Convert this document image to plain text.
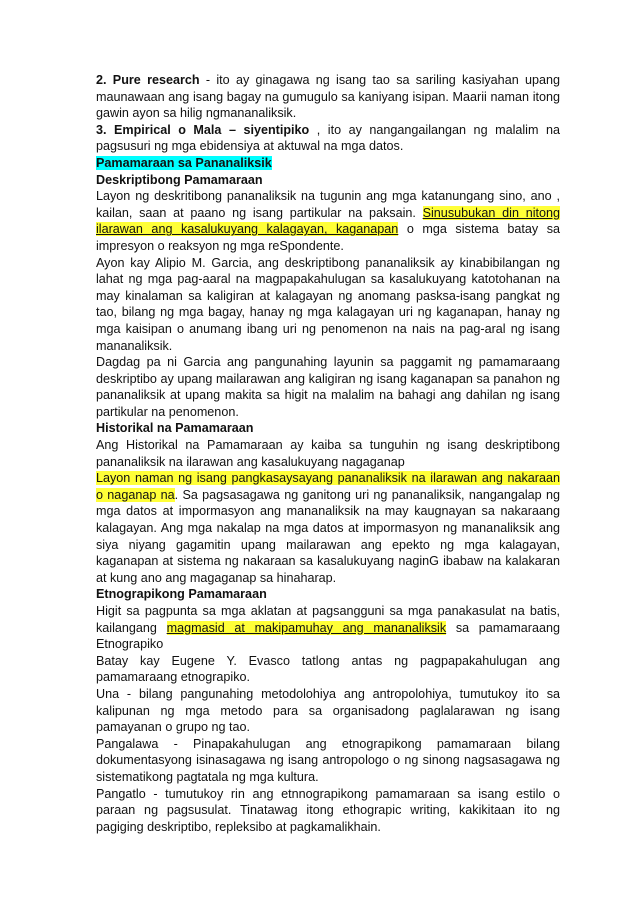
2. Pure research - ito ay ginagawa ng isang tao sa sariling kasiyahan upang maunawaan ang isang bagay na gumugulo sa kaniyang isipan. Maarii naman itong gawin ayon sa hilig ngmananaliksik.

3. Empirical o Mala – siyentipiko , ito ay nangangailangan ng malalim na pagsusuri ng mga ebidensiya at aktuwal na mga datos.

Pamamaraan sa Pananaliksik

Deskriptibong Pamamaraan

Layon ng deskritibong pananaliksik na tugunin ang mga katanungang sino, ano , kailan, saan at paano ng isang partikular na paksain. Sinusubukan din nitong ilarawan ang kasalukuyang kalagayan, kaganapan o mga sistema batay sa impresyon o reaksyon ng mga reSpondente.

Ayon kay Alipio M. Garcia, ang deskriptibong pananaliksik ay kinabibilangan ng lahat ng mga pag-aaral na magpapakahulugan sa kasalukuyang katotohanan na may kinalaman sa kaligiran at kalagayan ng anomang pasksa-isang pangkat ng tao, bilang ng mga bagay, hanay ng mga kalagayan uri ng kaganapan, hanay ng mga kaisipan o anumang ibang uri ng penomenon na nais na pag-aral ng isang mananaliksik.

Dagdag pa ni Garcia ang pangunahing layunin sa paggamit ng pamamaraang deskriptibo ay upang mailarawan ang kaligiran ng isang kaganapan sa panahon ng pananaliksik at upang makita sa higit na malalim na bahagi ang dahilan ng isang partikular na penomenon.

Historikal na Pamamaraan

Ang Historikal na Pamamaraan ay kaiba sa tunguhin ng isang deskriptibong pananaliksik na ilarawan ang kasalukuyang nagaganap

Layon naman ng isang pangkasaysayang pananaliksik na ilarawan ang nakaraan o naganap na. Sa pagsasagawa ng ganitong uri ng pananaliksik, nangangalap ng mga datos at impormasyon ang mananaliksik na may kaugnayan sa nakaraang kalagayan. Ang mga nakalap na mga datos at impormasyon ng mananaliksik ang siya niyang gagamitin upang mailarawan ang epekto ng mga kalagayan, kaganapan at sistema ng nakaraan sa kasalukuyang naginG ibabaw na kalakaran at kung ano ang magaganap sa hinaharap.

Etnograpikong Pamamaraan

Higit sa pagpunta sa mga aklatan at pagsangguni sa mga panakasulat na batis, kailangang magmasid at makipamuhay ang mananaliksik sa pamamaraang Etnograpiko

Batay kay Eugene Y. Evasco tatlong antas ng pagpapakahulugan ang pamamaraang etnograpiko.

Una - bilang pangunahing metodolohiya ang antropolohiya, tumutukoy ito sa kalipunan ng mga metodo para sa organisadong paglalarawan ng isang pamayanan o grupo ng tao.

Pangalawa - Pinapakahulugan ang etnograpikong pamamaraan bilang dokumentasyong isinasagawa ng isang antropologo o ng sinong nagsasagawa ng sistematikong pagtatala ng mga kultura.

Pangatlo - tumutukoy rin ang etnnograpikong pamamaraan sa isang estilo o paraan ng pagsusulat. Tinatawag itong ethograpic writing, kakikitaan ito ng pagiging deskriptibo, repleksibo at pagkamalikhain.
